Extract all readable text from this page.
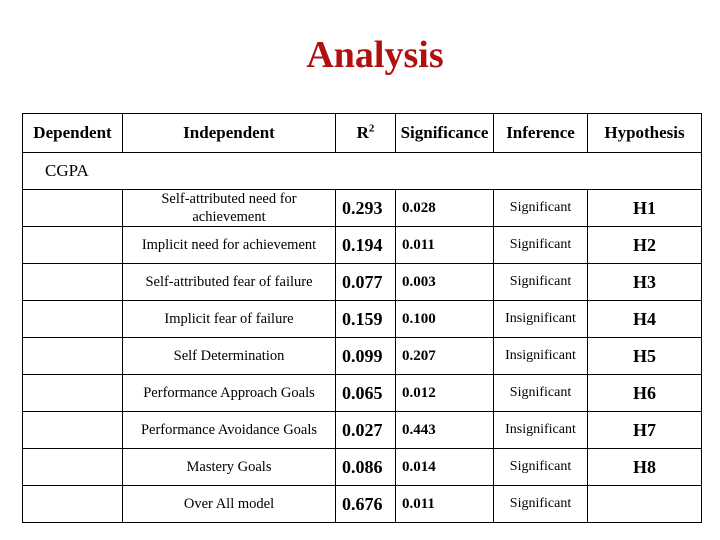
Analysis
Dependent	Independent	$R^2$	Significance	Inference	Hypothesis
CGPA					
	Self-attributed need for achievement	0.293	0.028	Significant	H1
	Implicit need for achievement	0.194	0.011	Significant	H2
	Self-attributed fear of failure	0.077	0.003	Significant	H3
	Implicit fear of failure	0.159	0.100	Insignificant	H4
	Self Determination	0.099	0.207	Insignificant	H5
	Performance Approach Goals	0.065	0.012	Significant	H6
	Performance Avoidance Goals	0.027	0.443	Insignificant	H7
	Mastery Goals	0.086	0.014	Significant	H8
	Over All model	0.676	0.011	Significant	
